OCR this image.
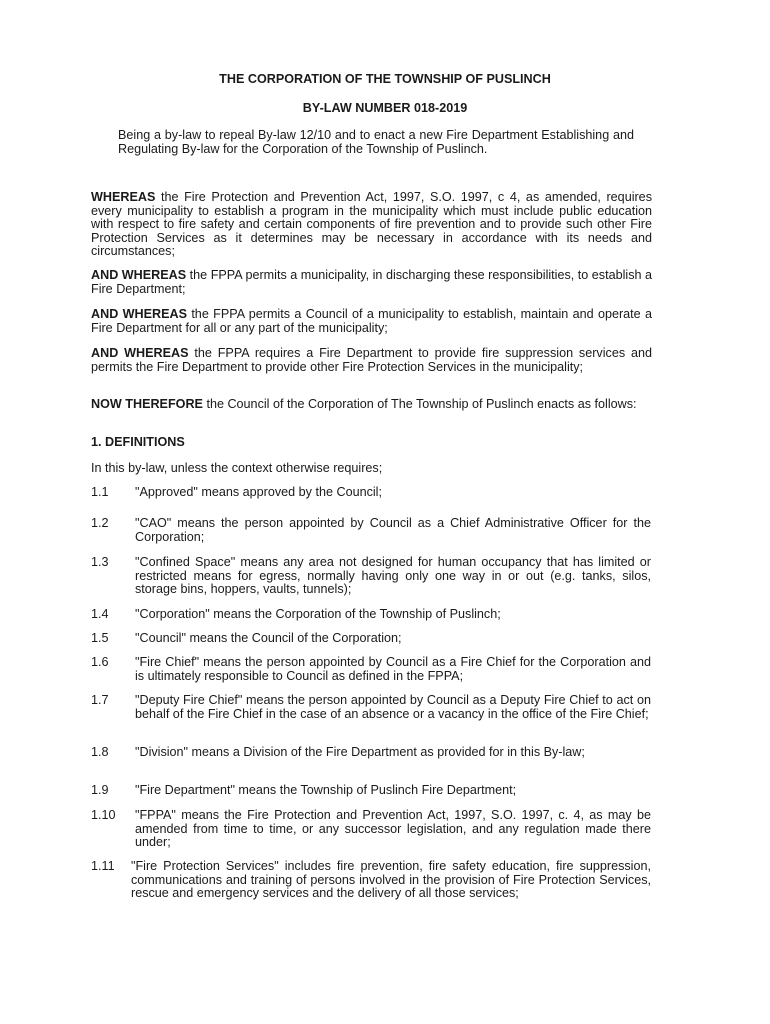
THE CORPORATION OF THE TOWNSHIP OF PUSLINCH
BY-LAW NUMBER 018-2019

Being a by-law to repeal By-law 12/10 and to enact a new Fire Department Establishing and Regulating By-law for the Corporation of the Township of Puslinch.

WHEREAS the Fire Protection and Prevention Act, 1997, S.O. 1997, c 4, as amended, requires every municipality to establish a program in the municipality which must include public education with respect to fire safety and certain components of fire prevention and to provide such other Fire Protection Services as it determines may be necessary in accordance with its needs and circumstances;

AND WHEREAS the FPPA permits a municipality, in discharging these responsibilities, to establish a Fire Department;

AND WHEREAS the FPPA permits a Council of a municipality to establish, maintain and operate a Fire Department for all or any part of the municipality;

AND WHEREAS the FPPA requires a Fire Department to provide fire suppression services and permits the Fire Department to provide other Fire Protection Services in the municipality;

NOW THEREFORE the Council of the Corporation of The Township of Puslinch enacts as follows:

1. DEFINITIONS
In this by-law, unless the context otherwise requires;
1.1 "Approved" means approved by the Council;

1.2 "CAO" means the person appointed by Council as a Chief Administrative Officer for the Corporation;

1.3 "Confined Space" means any area not designed for human occupancy that has limited or restricted means for egress, normally having only one way in or out (e.g. tanks, silos, storage bins, hoppers, vaults, tunnels);

1.4 "Corporation" means the Corporation of the Township of Puslinch;

1.5 "Council" means the Council of the Corporation;

1.6 "Fire Chief" means the person appointed by Council as a Fire Chief for the Corporation and is ultimately responsible to Council as defined in the FPPA;

1.7 "Deputy Fire Chief" means the person appointed by Council as a Deputy Fire Chief to act on behalf of the Fire Chief in the case of an absence or a vacancy in the office of the Fire Chief;

1.8 "Division" means a Division of the Fire Department as provided for in this By-law;

1.9 "Fire Department" means the Township of Puslinch Fire Department;

1.10 "FPPA" means the Fire Protection and Prevention Act, 1997, S.O. 1997, c. 4, as may be amended from time to time, or any successor legislation, and any regulation made there under;

1.11 "Fire Protection Services" includes fire prevention, fire safety education, fire suppression, communications and training of persons involved in the provision of Fire Protection Services, rescue and emergency services and the delivery of all those services;
